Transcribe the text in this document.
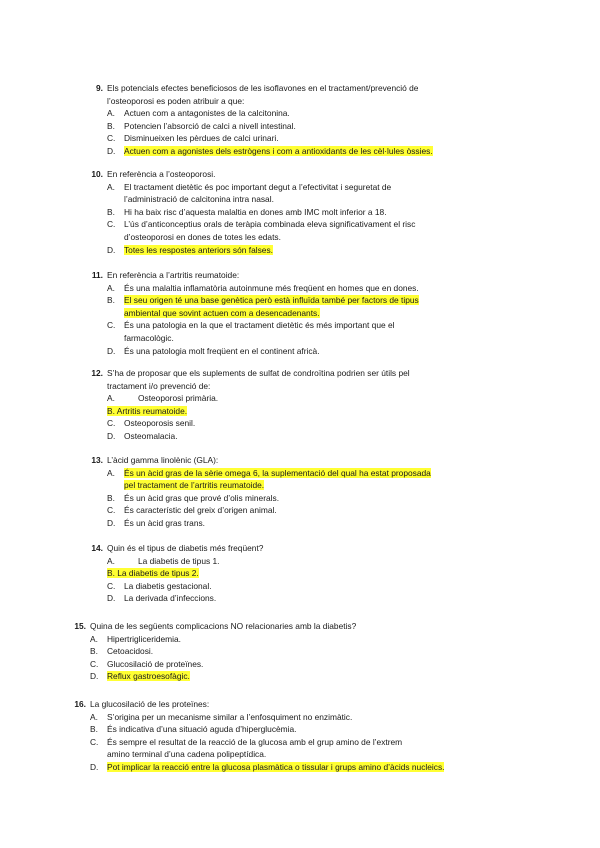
9. Els potencials efectes beneficiosos de les isoflavones en el tractament/prevenció de
l’osteoporosi es poden atribuir a que:
A.	Actuen com a antagonistes de la calcitonina.
B.	Potencien l’absorció de calci a nivell intestinal.
C.	Disminueixen les pèrdues de calci urinari.
D.	Actuen com a agonistes dels estrògens i com a antioxidants de les cèl·lules òssies.
10. En referència a l’osteoporosi.
A.	El tractament dietètic és poc important degut a l’efectivitat i seguretat de
l’administració de calcitonina intra nasal.
B.	Hi ha baix risc d’aquesta malaltia en dones amb IMC molt inferior a 18.
C.	L’ús d’anticonceptius orals de teràpia combinada eleva significativament el risc
d’osteoporosi en dones de totes les edats.
D.	Totes les respostes anteriors són falses.
11. En referència a l’artritis reumatoide:
A.	És una malaltia inflamatòria autoinmune més freqüent en homes que en dones.
B.	El seu origen té una base genètica però està influïda també per factors de tipus
ambiental que sovint actuen com a desencadenants.
C.	És una patologia en la que el tractament dietètic és més important que el
farmacològic.
D.	És una patologia molt freqüent en el continent africà.
12. S’ha de proposar que els suplements de sulfat de condroïtina podrien ser útils pel
tractament i/o prevenció de:
A.	Osteoporosi primària.
B. Artritis reumatoide.
C.	Osteoporosis senil.
D.	Osteomalacia.
13. L’àcid gamma linolènic (GLA):
A.	És un àcid gras de la sèrie omega 6, la suplementació del qual ha estat proposada
pel tractament de l’artritis reumatoide.
B.	És un àcid gras que prové d’olis minerals.
C.	És característic del greix d’origen animal.
D.	És un àcid gras trans.
14. Quin és el tipus de diabetis més freqüent?
A.	La diabetis de tipus 1.
B. La diabetis de tipus 2.
C.	La diabetis gestacional.
D.	La derivada d’infeccions.
15. Quina de les següents complicacions NO relacionaries amb la diabetis?
A.	Hipertrigliceridemia.
B.	Cetoacidosi.
C.	Glucosilació de proteïnes.
D.	Reflux gastroesofàgic.
16. La glucosilació de les proteïnes:
A.	S’origina per un mecanisme similar a l’enfosquiment no enzimàtic.
B.	És indicativa d’una situació aguda d’hiperglucèmia.
C.	És sempre el resultat de la reacció de la glucosa amb el grup amino de l’extrem
amino terminal d’una cadena polipeptídica.
D.	Pot implicar la reacció entre la glucosa plasmàtica o tissular i grups amino d’àcids nucleics.
